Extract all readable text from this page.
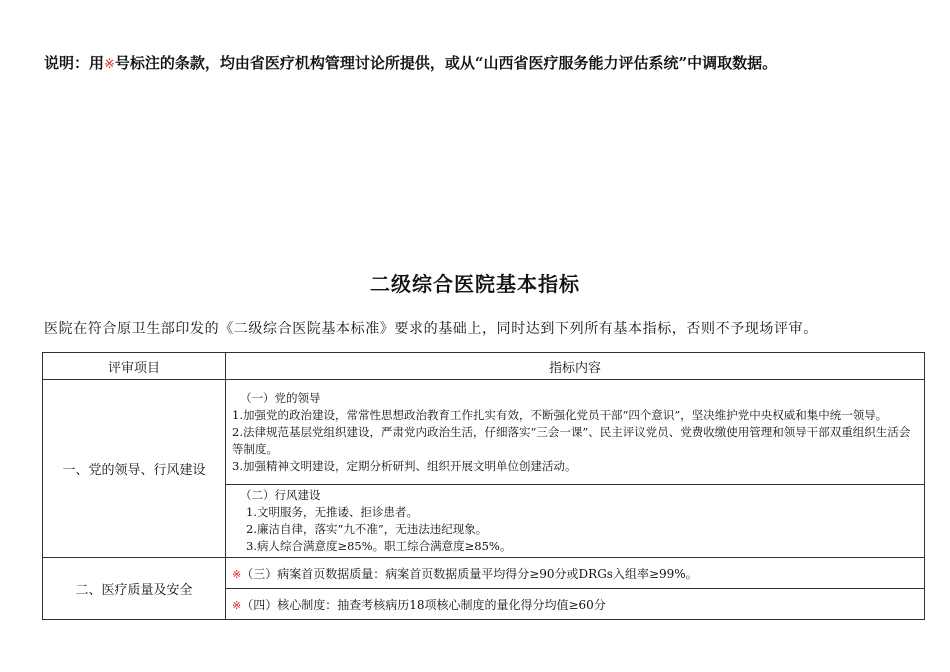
说明：用※号标注的条款，均由省医疗机构管理讨论所提供，或从“山西省医疗服务能力评估系统”中调取数据。
二级综合医院基本指标
医院在符合原卫生部印发的《二级综合医院基本标准》要求的基础上，同时达到下列所有基本指标，否则不予现场评审。
评审项目	指标内容
一、党的领导、行风建设	（一）党的领导
1.加强党的政治建设，常常性思想政治教育工作扎实有效，不断强化党员干部“四个意识”，坚决维护党中央权威和集中统一领导。
2.法律规范基层党组织建设，严肃党内政治生活，仔细落实“三会一课”、民主评议党员、党费收缴使用管理和领导干部双重组织生活会等制度。
3.加强精神文明建设，定期分析研判、组织开展文明单位创建活动。

	（二）行风建设
1.文明服务，无推诿、拒诊患者。
2.廉洁自律，落实“九不准”，无违法违纪现象。
3.病人综合满意度≥85%。职工综合满意度≥85%。

二、医疗质量及安全	※（三）病案首页数据质量：病案首页数据质量平均得分≥90分或DRGs入组率≥99%。
	※（四）核心制度：抽查考核病历18项核心制度的量化得分均值≥60分
